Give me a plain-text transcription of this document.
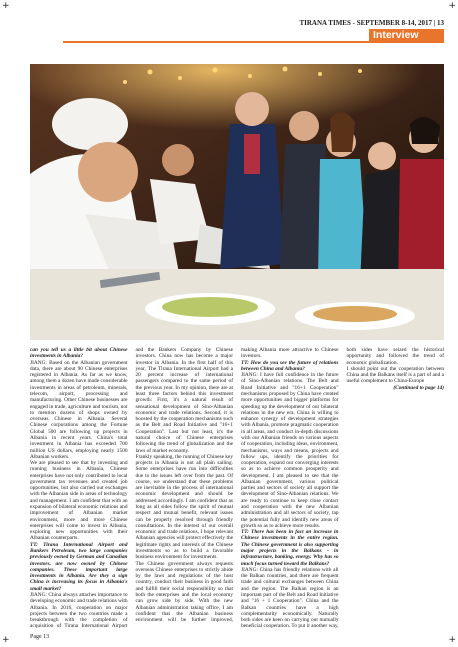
+	+
+	+
TIRANA TIMES - SEPTEMBER 8-14, 2017 | 13
Interview

can you tell us a little bit about Chinese investments in Albania?

JIANG: Based on the Albanian government data, there are about 90 Chinese enterprises registered in Albania. As far as we know, among them a dozen have made considerable investments in areas of petroleum, minerals, telecom, airport, processing and manufacturing. Other Chinese businesses are engaged in trade, agriculture and tourism, not to mention dozens of shops owned by overseas Chinese in Albania. Several Chinese corporations among the Fortune Global 500 are following up projects in Albania in recent years. China's total investment in Albania has exceeded 700 million US dollars, employing nearly 1500 Albanian workers.

We are pleased to see that by investing and running business in Albania, Chinese enterprises have not only contributed to local government tax revenues and created job opportunities, but also carried out exchanges with the Albanian side in areas of technology and management. I am confident that with an expansion of bilateral economic relations and improvement of Albanian market environment, more and more Chinese enterprises will come to invest in Albania, exploring new opportunities with their Albanian counterparts.

TT: Tirana International Airport and Bankers Petroleum, two large companies previously owned by German and Canadian investors, are now owned by Chinese companies. These important large investments in Albania. Are they a sign China is increasing its focus in Albania's small market?

JIANG: China always attaches importance to developing economic and trade relations with Albania. In 2016, cooperation on major projects between the two countries made a breakthrough with the completion of acquisition of Tirana International Airport and the Bankers Company by Chinese investors. China now has become a major investor in Albania. In the first half of this year, The Tirana International Airport had a 20 percent increase of international passengers compared to the same period of the previous year. In my opinion, there are at least three factors behind this investment growth: First, it's a natural result of sensational development of Sino-Albanian economic and trade relations. Second, it is boosted by the cooperation mechanisms such as the Belt and Road Initiative and "16+1 Cooperation". Last but not least, it's the natural choice of Chinese enterprises following the trend of globalization and the laws of market economy.

Frankly speaking, the running of Chinese key projects in Albania is not all plain sailing. Some enterprises have run into difficulties due to the issues left over from the past. Of course, we understand that these problems are inevitable in the process of international economic development and should be addressed accordingly. I am confident that as long as all sides follow the spirit of mutual respect and mutual benefit, relevant issues can be properly resolved through friendly consultations. In the interest of our overall economic and trade relations, I hope relevant Albanian agencies will protect effectively the legitimate rights and interests of the Chinese investments so as to build a favorable business environment for investments.

The Chinese government always requests overseas Chinese enterprises to strictly abide by the laws and regulations of the host country, conduct their business in good faith and fulfill their social responsibility so that both the enterprises and the local economy can grow side by side. With the new Albanian administration taking office, I am confident that the Albanian business environment will be further improved, making Albania more attractive to Chinese investors.

TT: How do you see the future of relations between China and Albania?

JIANG: I have full confidence in the future of Sino-Albanian relations. The Belt and Road Initiative and "16+1 Cooperation" mechanisms proposed by China have created more opportunities and bigger platforms for speeding up the development of our bilateral relations in the new era. China is willing to enhance synergy of development strategies with Albania, promote pragmatic cooperation in all areas, and conduct in-depth discussions with our Albanian friends on various aspects of cooperation, including ideas, environment, mechanisms, ways and means, projects and follow ups, identify the priorities for cooperation, expand our converging interests so as to achieve common prosperity and development. I am pleased to see that the Albanian government, various political parties and sectors of society all support the development of Sino-Albanian relations. We are ready to continue to keep close contact and cooperation with the new Albanian administration and all sectors of society, tap the potential fully and identify new areas of growth so as to achieve more results.

TT: There has been in fact an increase in Chinese investments in the entire region. The Chinese government is also supporting major projects in the Balkans - in infrastructure, banking, energy. Why has so much focus turned toward the Balkans?

JIANG: China has friendly relations with all the Balkan countries, and there are frequent trade and cultural exchanges between China and the region. The Balkan region is an important part of the Belt and Road Initiative and "16 + 1 Cooperation". China and the Balkan countries have a high complementarity economically. Naturally both sides are keen on carrying out mutually beneficial cooperation. To put it another way, both sides have seized the historical opportunity and followed the trend of economic globalization.

I should point out the cooperation between China and the Balkans itself is a part of and a useful complement to China-Europe

(Continued to page 14)

Page 13
